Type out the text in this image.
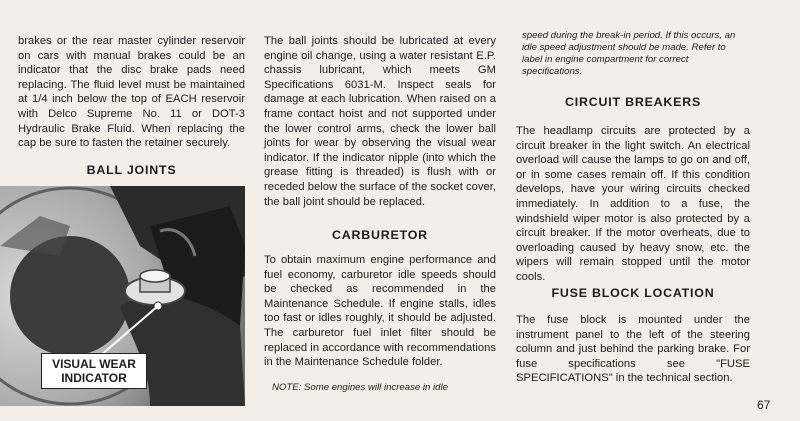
brakes or the rear master cylinder reservoir on cars with manual brakes could be an indicator that the disc brake pads need replacing. The fluid level must be maintained at 1/4 inch below the top of EACH reservoir with Delco Supreme No. 11 or DOT-3 Hydraulic Brake Fluid. When replacing the cap be sure to fasten the retainer securely.

BALL JOINTS
VISUAL WEAR
INDICATOR

The ball joints should be lubricated at every engine oil change, using a water resistant E.P. chassis lubricant, which meets GM Specifications 6031-M. Inspect seals for damage at each lubrication. When raised on a frame contact hoist and not supported under the lower control arms, check the lower ball joints for wear by observing the visual wear indicator. If the indicator nipple (into which the grease fitting is threaded) is flush with or receded below the surface of the socket cover, the ball joint should be replaced.

CARBURETOR

To obtain maximum engine performance and fuel economy, carburetor idle speeds should be checked as recommended in the Maintenance Schedule. If engine stalls, idles too fast or idles roughly, it should be adjusted. The carburetor fuel inlet filter should be replaced in accordance with recommendations in the Maintenance Schedule folder.

NOTE: Some engines will increase in idle

speed during the break-in period. If this occurs, an idle speed adjustment should be made. Refer to label in engine compartment for correct specifications.

CIRCUIT BREAKERS

The headlamp circuits are protected by a circuit breaker in the light switch. An electrical overload will cause the lamps to go on and off, or in some cases remain off. If this condition develops, have your wiring circuits checked immediately. In addition to a fuse, the windshield wiper motor is also protected by a circuit breaker. If the motor overheats, due to overloading caused by heavy snow, etc. the wipers will remain stopped until the motor cools.

FUSE BLOCK LOCATION

The fuse block is mounted under the instrument panel to the left of the steering column and just behind the parking brake. For fuse specifications see "FUSE SPECIFICATIONS" in the technical section.

67
